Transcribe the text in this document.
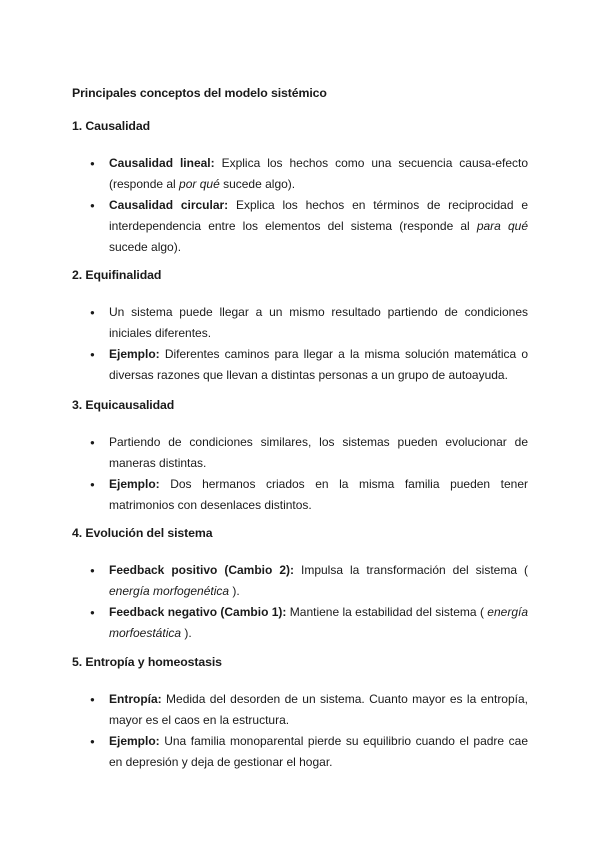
Principales conceptos del modelo sistémico

1. Causalidad

● Causalidad lineal: Explica los hechos como una secuencia causa-efecto (responde al por qué sucede algo).
● Causalidad circular: Explica los hechos en términos de reciprocidad e interdependencia entre los elementos del sistema (responde al para qué sucede algo).

2. Equifinalidad

● Un sistema puede llegar a un mismo resultado partiendo de condiciones iniciales diferentes.
● Ejemplo: Diferentes caminos para llegar a la misma solución matemática o diversas razones que llevan a distintas personas a un grupo de autoayuda.

3. Equicausalidad

● Partiendo de condiciones similares, los sistemas pueden evolucionar de maneras distintas.
● Ejemplo: Dos hermanos criados en la misma familia pueden tener matrimonios con desenlaces distintos.

4. Evolución del sistema

● Feedback positivo (Cambio 2): Impulsa la transformación del sistema ( energía morfogenética ).
● Feedback negativo (Cambio 1): Mantiene la estabilidad del sistema ( energía morfoestática ).

5. Entropía y homeostasis

● Entropía: Medida del desorden de un sistema. Cuanto mayor es la entropía, mayor es el caos en la estructura.
● Ejemplo: Una familia monoparental pierde su equilibrio cuando el padre cae en depresión y deja de gestionar el hogar.
